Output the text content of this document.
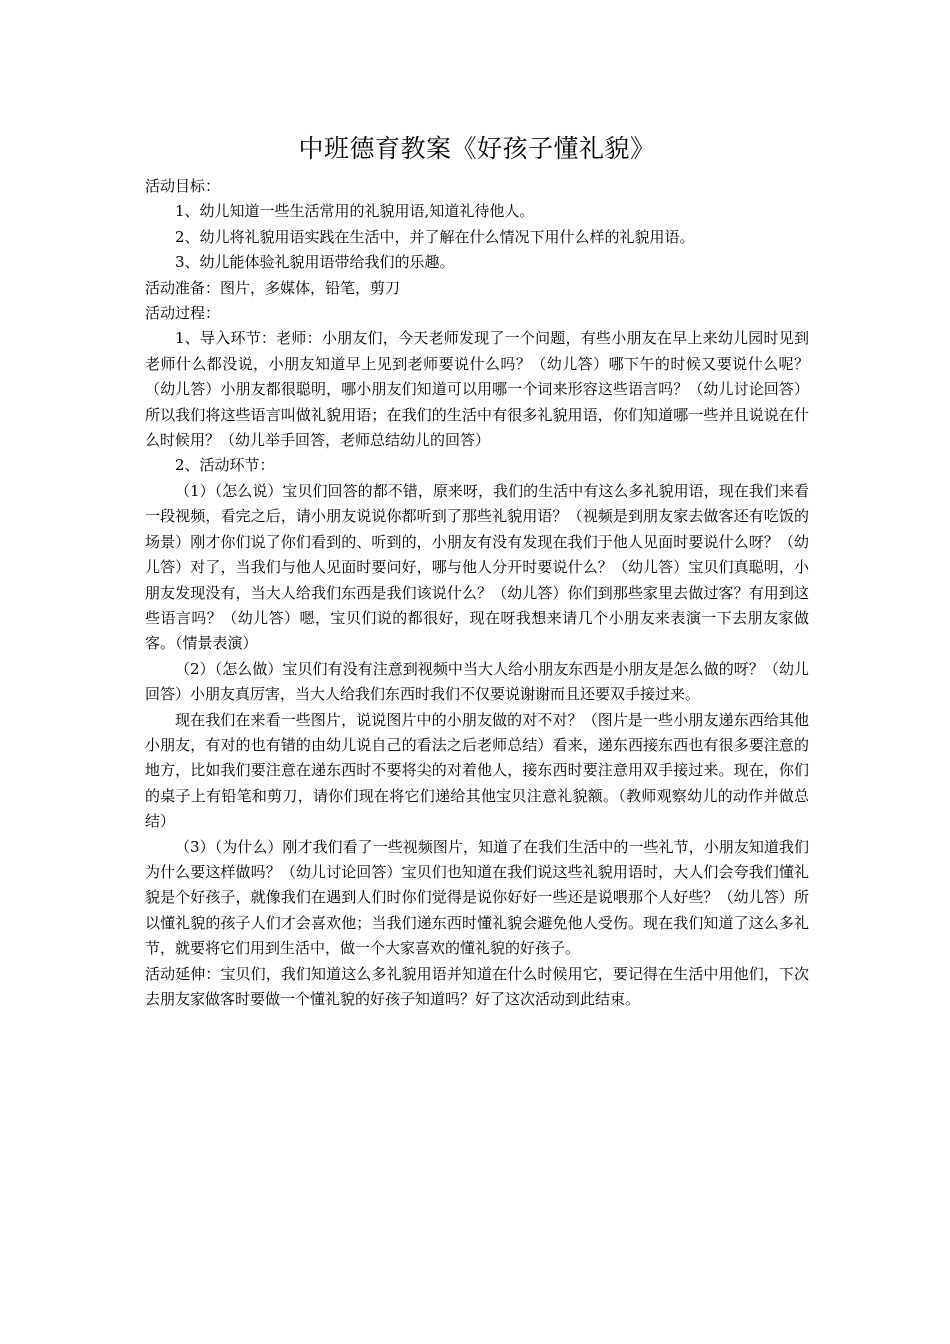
中班德育教案《好孩子懂礼貌》

活动目标：

1、幼儿知道一些生活常用的礼貌用语,知道礼待他人。

2、幼儿将礼貌用语实践在生活中，并了解在什么情况下用什么样的礼貌用语。

3、幼儿能体验礼貌用语带给我们的乐趣。

活动准备：图片，多媒体，铅笔，剪刀

活动过程：

1、导入环节：老师：小朋友们，今天老师发现了一个问题，有些小朋友在早上来幼儿园时见到老师什么都没说，小朋友知道早上见到老师要说什么吗？（幼儿答）哪下午的时候又要说什么呢？（幼儿答）小朋友都很聪明，哪小朋友们知道可以用哪一个词来形容这些语言吗？（幼儿讨论回答）所以我们将这些语言叫做礼貌用语；在我们的生活中有很多礼貌用语，你们知道哪一些并且说说在什么时候用？（幼儿举手回答，老师总结幼儿的回答）

2、活动环节：

（1）（怎么说）宝贝们回答的都不错，原来呀，我们的生活中有这么多礼貌用语，现在我们来看一段视频，看完之后，请小朋友说说你都听到了那些礼貌用语？（视频是到朋友家去做客还有吃饭的场景）刚才你们说了你们看到的、听到的，小朋友有没有发现在我们于他人见面时要说什么呀？（幼儿答）对了，当我们与他人见面时要问好，哪与他人分开时要说什么？（幼儿答）宝贝们真聪明，小朋友发现没有，当大人给我们东西是我们该说什么？（幼儿答）你们到那些家里去做过客？有用到这些语言吗？（幼儿答）嗯，宝贝们说的都很好，现在呀我想来请几个小朋友来表演一下去朋友家做客。（情景表演）

（2）（怎么做）宝贝们有没有注意到视频中当大人给小朋友东西是小朋友是怎么做的呀？（幼儿回答）小朋友真厉害，当大人给我们东西时我们不仅要说谢谢而且还要双手接过来。

现在我们在来看一些图片，说说图片中的小朋友做的对不对？（图片是一些小朋友递东西给其他小朋友，有对的也有错的由幼儿说自己的看法之后老师总结）看来，递东西接东西也有很多要注意的地方，比如我们要注意在递东西时不要将尖的对着他人，接东西时要注意用双手接过来。现在，你们的桌子上有铅笔和剪刀，请你们现在将它们递给其他宝贝注意礼貌额。（教师观察幼儿的动作并做总结）

（3）（为什么）刚才我们看了一些视频图片，知道了在我们生活中的一些礼节，小朋友知道我们为什么要这样做吗？（幼儿讨论回答）宝贝们也知道在我们说这些礼貌用语时，大人们会夸我们懂礼貌是个好孩子，就像我们在遇到人们时你们觉得是说你好好一些还是说喂那个人好些？（幼儿答）所以懂礼貌的孩子人们才会喜欢他；当我们递东西时懂礼貌会避免他人受伤。现在我们知道了这么多礼节，就要将它们用到生活中，做一个大家喜欢的懂礼貌的好孩子。

活动延伸：宝贝们，我们知道这么多礼貌用语并知道在什么时候用它，要记得在生活中用他们，下次去朋友家做客时要做一个懂礼貌的好孩子知道吗？好了这次活动到此结束。
